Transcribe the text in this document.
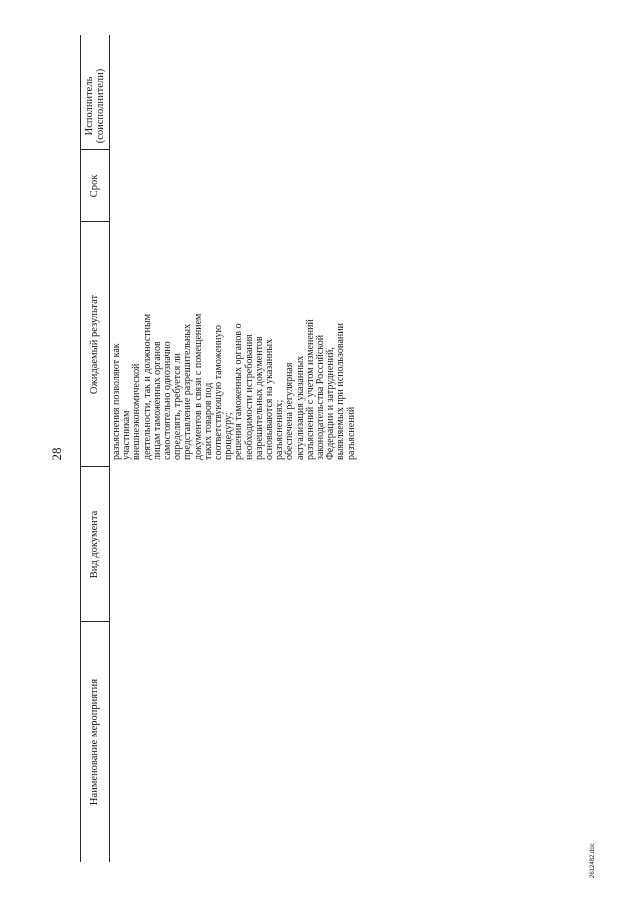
28
Наименование мероприятия
Вид документа
Ожидаемый результат
Срок
Исполнитель (соисполнители)
разъяснения позволяют как участникам внешнеэкономической деятельности, так и должностным лицам таможенных органов самостоятельно однозначно определять, требуется ли представление разрешительных документов в связи с помещением таких товаров под соответствующую таможенную процедуру; решения таможенных органов о необходимости истребования разрешительных документов основываются на указанных разъяснениях; обеспечена регулярная актуализация указанных разъяснений с учетом изменений законодательства Российской Федерации и затруднений, выявляемых при использовании разъяснений
2612482.doc
